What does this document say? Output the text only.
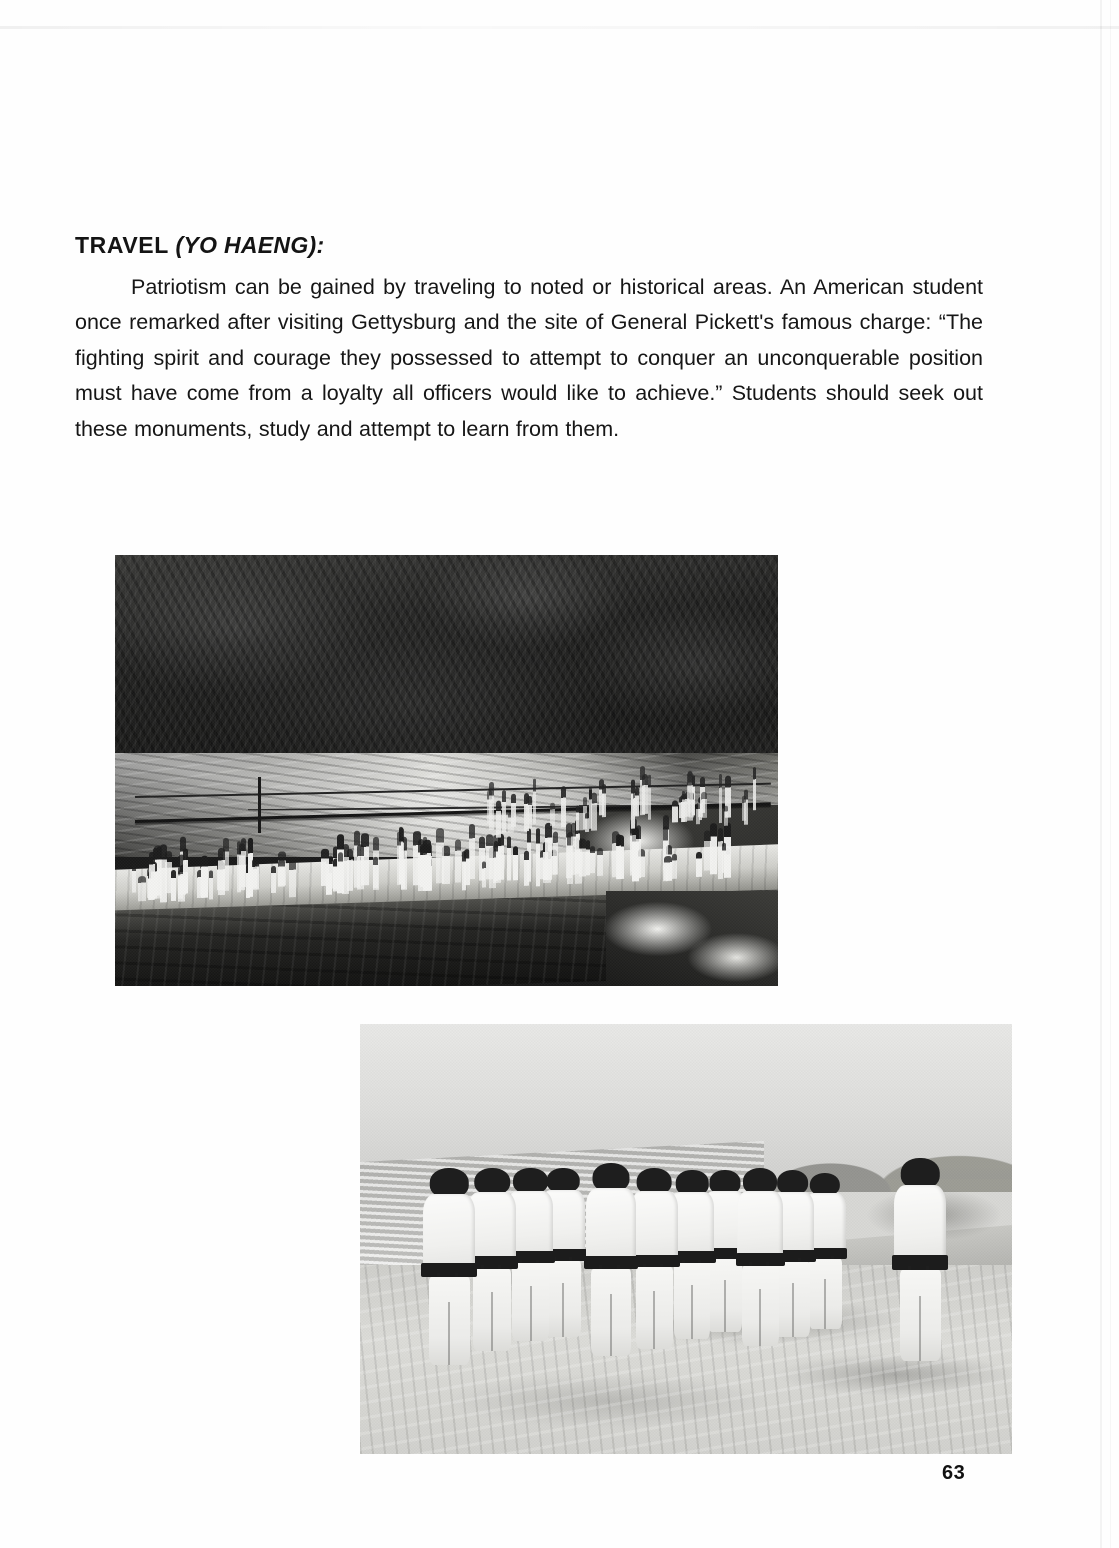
TRAVEL (YO HAENG):

Patriotism can be gained by traveling to noted or historical areas. An American student once remarked after visiting Gettysburg and the site of General Pickett's famous charge: “The fighting spirit and courage they possessed to attempt to conquer an unconquerable position must have come from a loyalty all officers would like to achieve.” Students should seek out these monuments, study and attempt to learn from them.

63
